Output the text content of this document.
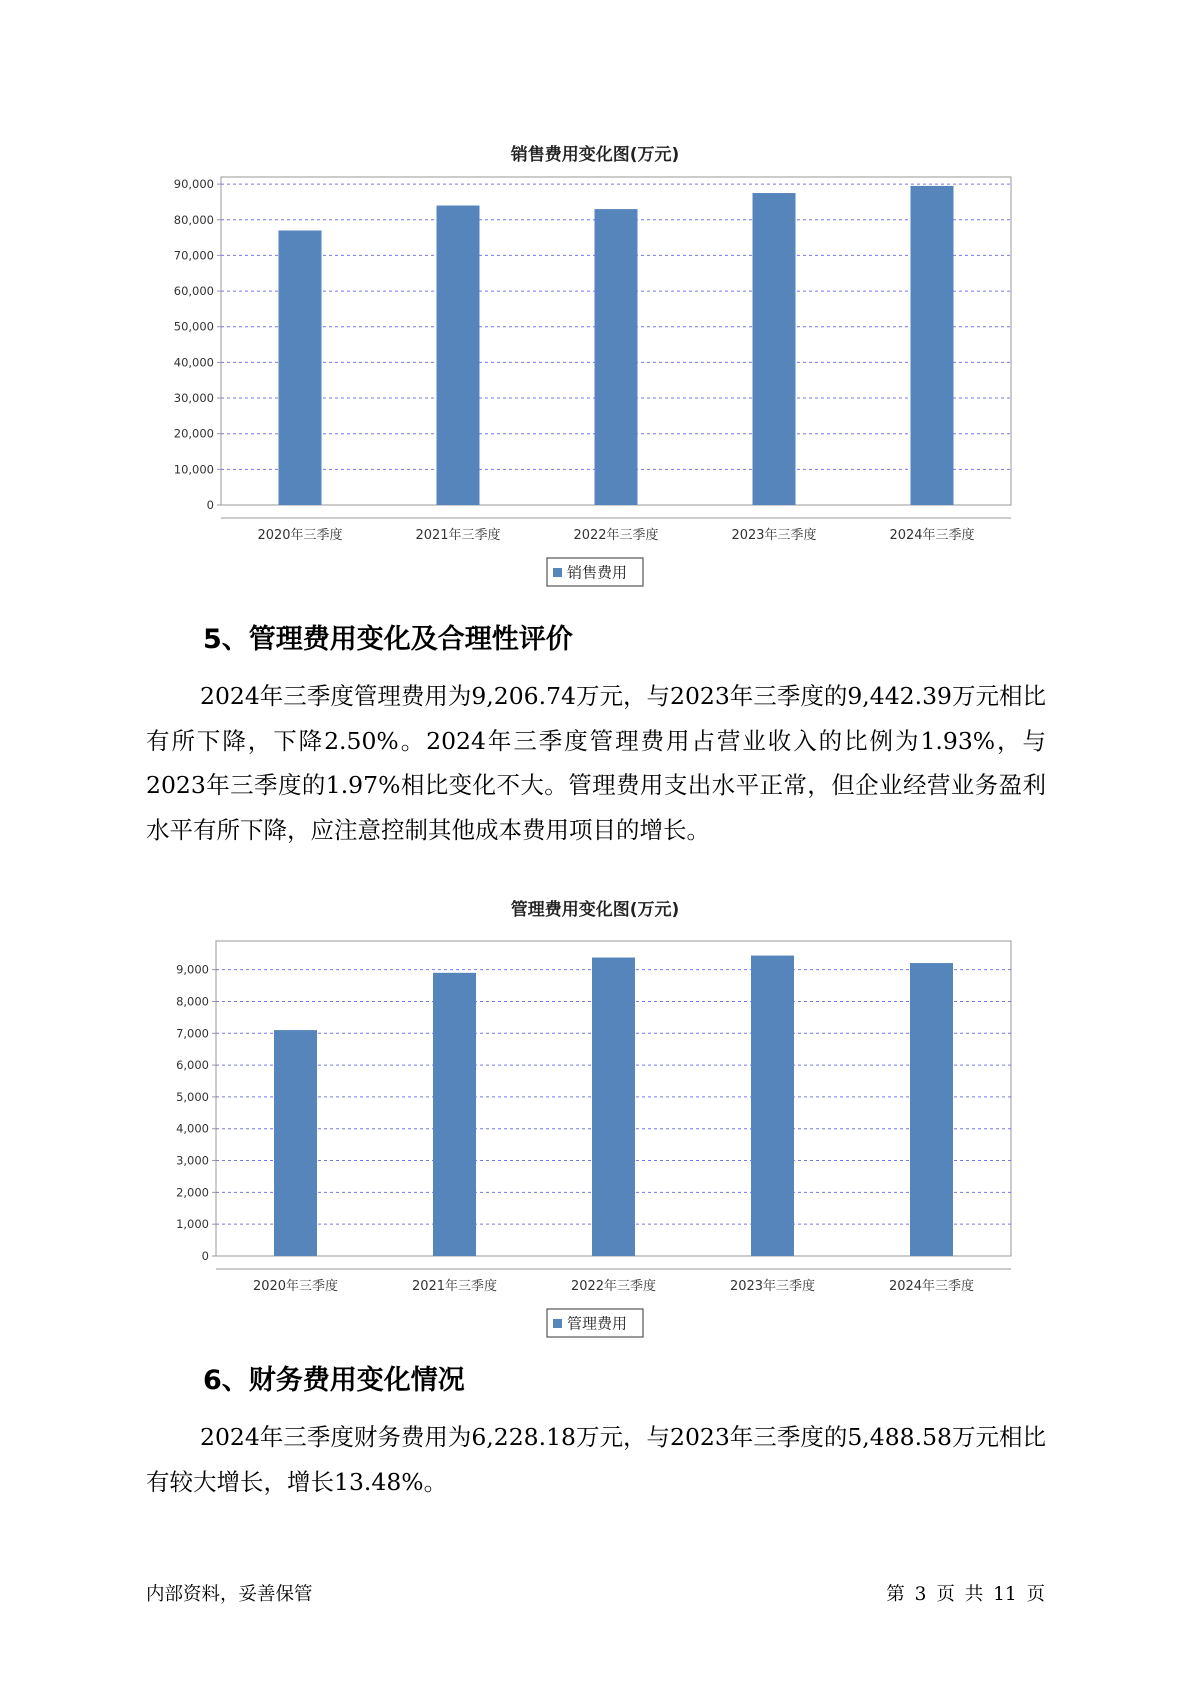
销售费用变化图(万元)
0
10,000
20,000
30,000
40,000
50,000
60,000
70,000
80,000
90,000
2020年三季度	2021年三季度	2022年三季度	2023年三季度	2024年三季度
销售费用
5、管理费用变化及合理性评价

2024年三季度管理费用为9,206.74万元，与2023年三季度的9,442.39万元相比有所下降，下降2.50%。2024年三季度管理费用占营业收入的比例为1.93%，与2023年三季度的1.97%相比变化不大。管理费用支出水平正常，但企业经营业务盈利水平有所下降，应注意控制其他成本费用项目的增长。

管理费用变化图(万元)
0
1,000
2,000
3,000
4,000
5,000
6,000
7,000
8,000
9,000
2020年三季度	2021年三季度	2022年三季度	2023年三季度	2024年三季度
管理费用
6、财务费用变化情况

2024年三季度财务费用为6,228.18万元，与2023年三季度的5,488.58万元相比有较大增长，增长13.48%。

内部资料，妥善保管	第 3 页 共 11 页
